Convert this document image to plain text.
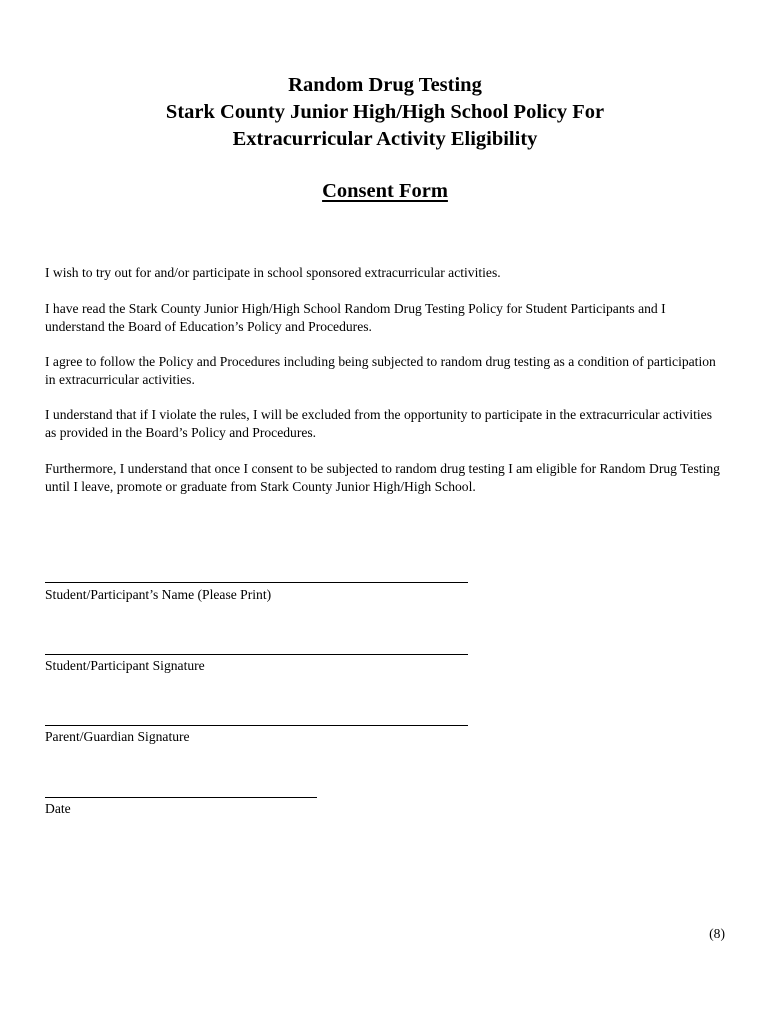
Random Drug Testing
Stark County Junior High/High School Policy For
Extracurricular Activity Eligibility
Consent Form

I wish to try out for and/or participate in school sponsored extracurricular activities.

I have read the Stark County Junior High/High School Random Drug Testing Policy for Student Participants and I understand the Board of Education’s Policy and Procedures.

I agree to follow the Policy and Procedures including being subjected to random drug testing as a condition of participation in extracurricular activities.

I understand that if I violate the rules, I will be excluded from the opportunity to participate in the extracurricular activities as provided in the Board’s Policy and Procedures.

Furthermore, I understand that once I consent to be subjected to random drug testing I am eligible for Random Drug Testing until I leave, promote or graduate from Stark County Junior High/High School.

Student/Participant’s Name (Please Print)
Student/Participant Signature
Parent/Guardian Signature
Date
(8)
